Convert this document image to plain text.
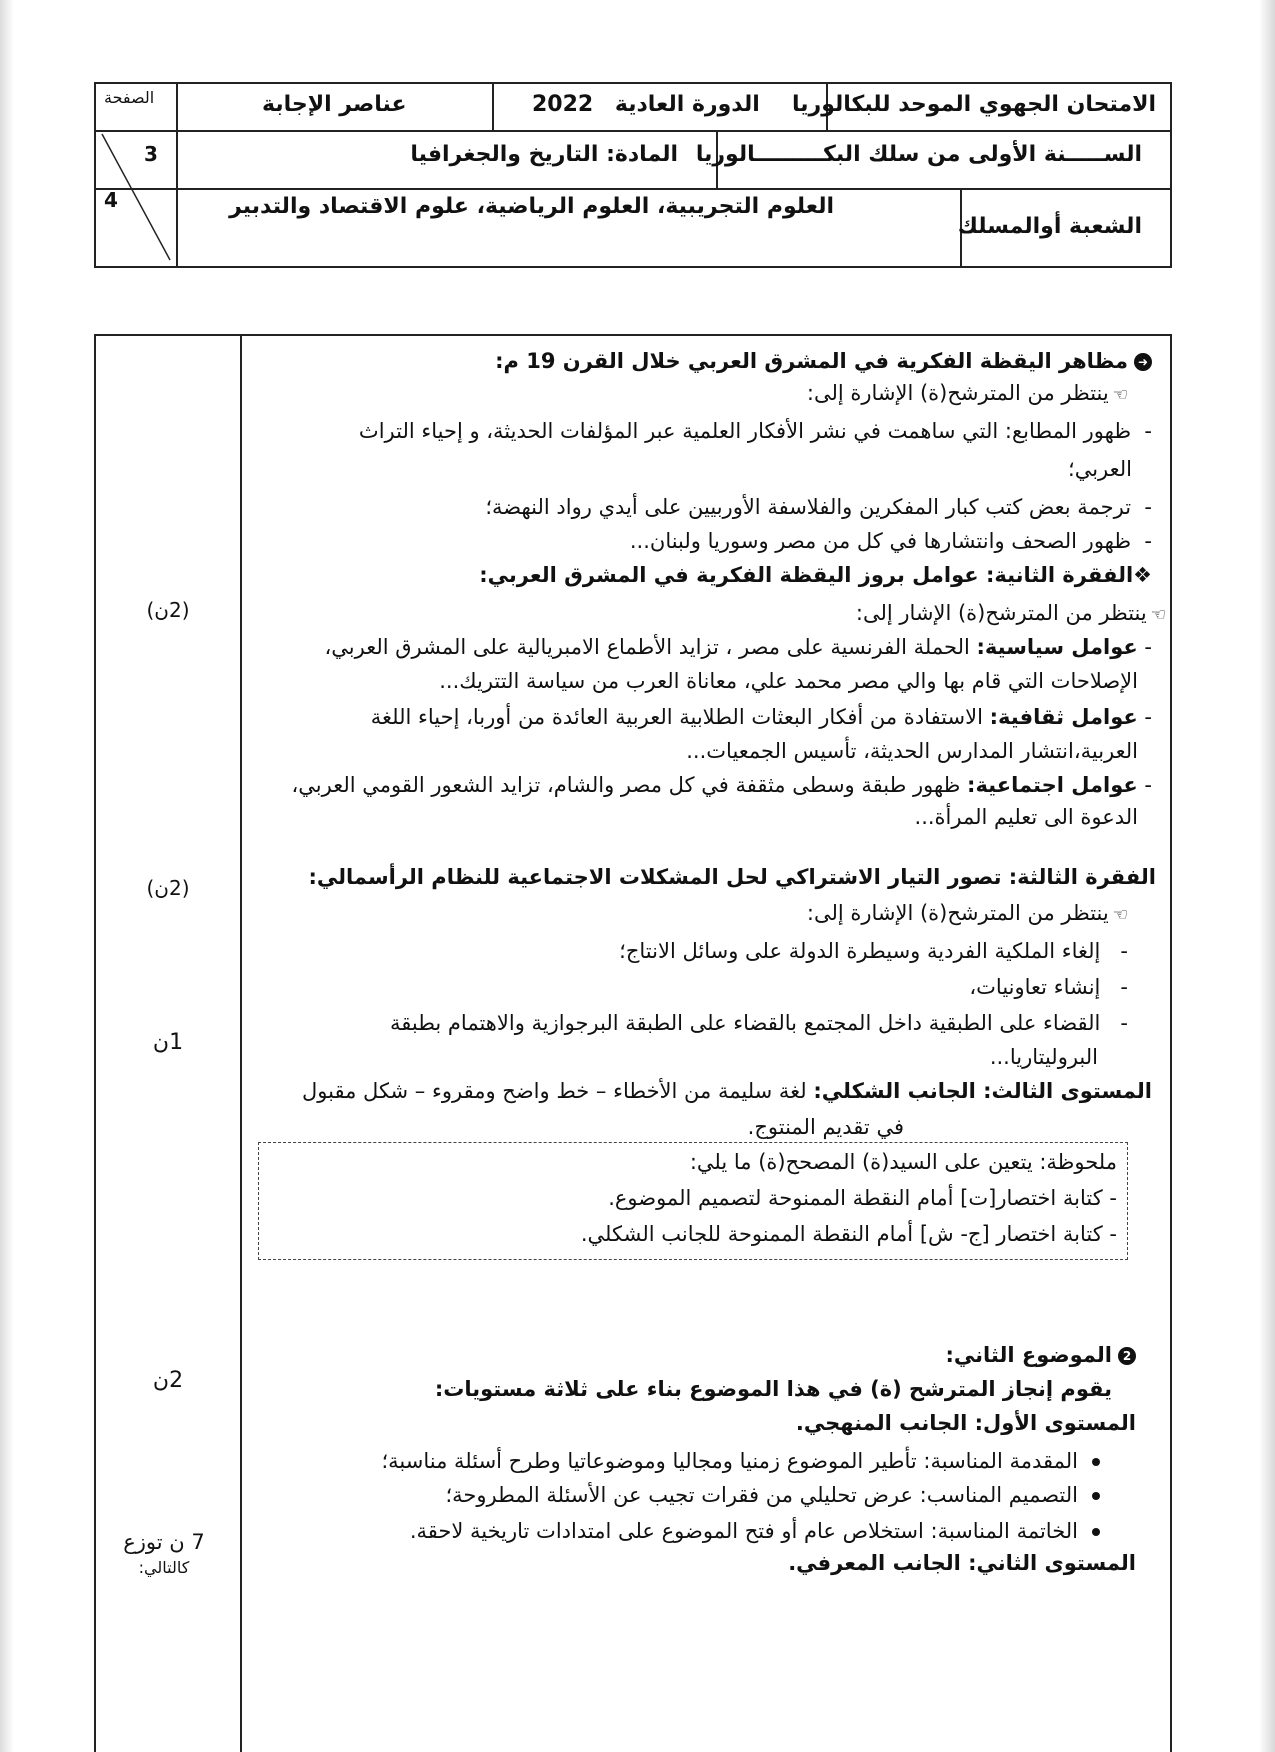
الامتحان الجهوي الموحد للبكالوريا
الدورة العادية 2022
عناصر الإجابة
الصفحة
الســـــنة الأولى من سلك البكـــــــــالوريا
المادة: التاريخ والجغرافيا
3
الشعبة أوالمسلك
العلوم التجريبية، العلوم الرياضية، علوم الاقتصاد والتدبير
4
(2ن)
(2ن)
1ن
2ن
7 ن توزع
كالتالي:
➜مظاهر اليقظة الفكرية في المشرق العربي خلال القرن 19 م:
☜ينتظر من المترشح(ة) الإشارة إلى:
-  ظهور المطابع: التي ساهمت في نشر الأفكار العلمية عبر المؤلفات الحديثة، و إحياء التراث
العربي؛
-  ترجمة بعض كتب كبار المفكرين والفلاسفة الأوربيين على أيدي رواد النهضة؛
-  ظهور الصحف وانتشارها في كل من مصر وسوريا ولبنان...
❖الفقرة الثانية: عوامل بروز اليقظة الفكرية في المشرق العربي:
☜ينتظر من المترشح(ة) الإشار إلى:
- عوامل سياسية: الحملة الفرنسية على مصر ، تزايد الأطماع الامبريالية على المشرق العربي،
الإصلاحات التي قام بها والي مصر محمد علي، معاناة العرب من سياسة التتريك...
- عوامل ثقافية: الاستفادة من أفكار البعثات الطلابية العربية العائدة من أوربا، إحياء اللغة
العربية،انتشار المدارس الحديثة، تأسيس الجمعيات...
- عوامل اجتماعية: ظهور طبقة وسطى مثقفة في كل مصر والشام، تزايد الشعور القومي العربي،
الدعوة الى تعليم المرأة...
الفقرة الثالثة: تصور التيار الاشتراكي لحل المشكلات الاجتماعية للنظام الرأسمالي:
☜ينتظر من المترشح(ة) الإشارة إلى:
-   إلغاء الملكية الفردية وسيطرة الدولة على وسائل الانتاج؛
-   إنشاء تعاونيات،
-   القضاء على الطبقية داخل المجتمع بالقضاء على الطبقة البرجوازية والاهتمام بطبقة
البروليتاريا...
المستوى الثالث: الجانب الشكلي: لغة سليمة من الأخطاء – خط واضح ومقروء – شكل مقبول
في تقديم المنتوج.
ملحوظة: يتعين على السيد(ة) المصحح(ة) ما يلي:
- كتابة اختصار[ت] أمام النقطة الممنوحة لتصميم الموضوع.
- كتابة اختصار [ج- ش] أمام النقطة الممنوحة للجانب الشكلي.
2الموضوع الثاني:
يقوم إنجاز المترشح (ة) في هذا الموضوع بناء على ثلاثة مستويات:
المستوى الأول: الجانب المنهجي.
المقدمة المناسبة: تأطير الموضوع زمنيا ومجاليا وموضوعاتيا وطرح أسئلة مناسبة؛
التصميم المناسب: عرض تحليلي من فقرات تجيب عن الأسئلة المطروحة؛
الخاتمة المناسبة: استخلاص عام أو فتح الموضوع على امتدادات تاريخية لاحقة.
المستوى الثاني: الجانب المعرفي.
